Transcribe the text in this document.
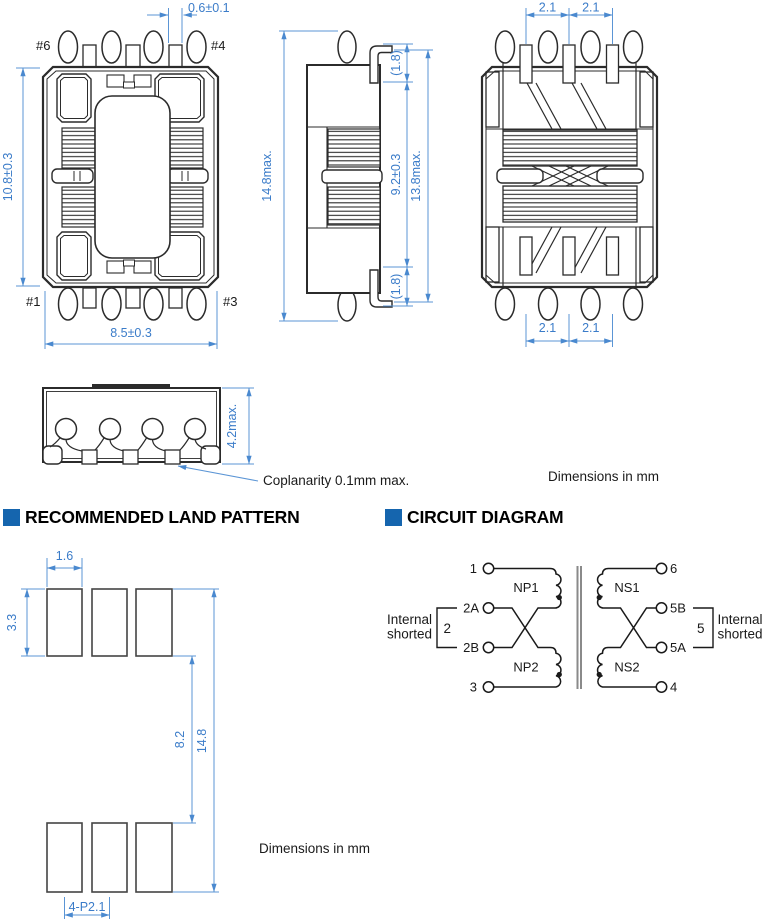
0.6±0.1
10.8±0.3
8.5±0.3
#6	#4
#1	#3
14.8max.
(1.8)
9.2±0.3
(1.8)
13.8max.
2.1 2.1
2.1 2.1
4.2max.
Coplanarity 0.1mm max.	Dimensions in mm
RECOMMENDED LAND PATTERN	CIRCUIT DIAGRAM
Dimensions in mm
1.6
3.3
8.2 14.8
4-P2.1
1
2A
2B
3
6
5B
5A
4
NP1
NP2
NS1
NS2
2	5
Internal
shorted
Internal
shorted
